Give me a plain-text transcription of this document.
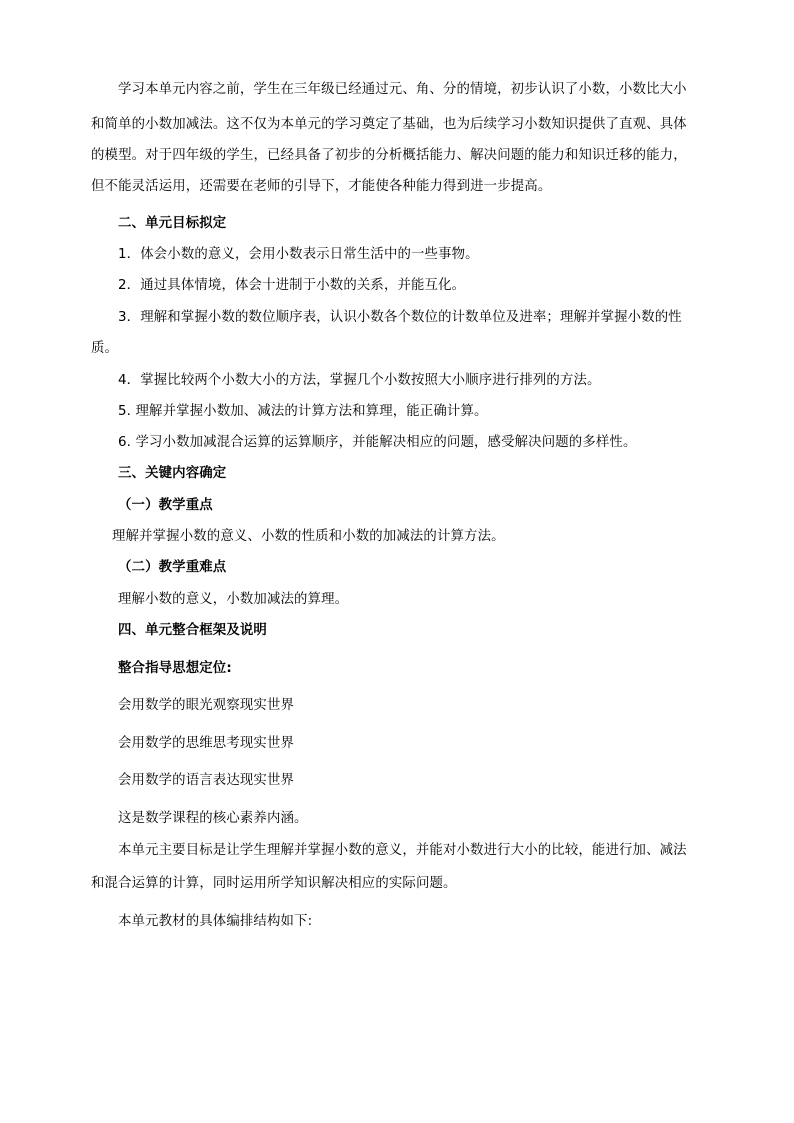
学习本单元内容之前，学生在三年级已经通过元、角、分的情境，初步认识了小数，小数比大小
和简单的小数加减法。这不仅为本单元的学习奠定了基础，也为后续学习小数知识提供了直观、具体
的模型。对于四年级的学生，已经具备了初步的分析概括能力、解决问题的能力和知识迁移的能力，
但不能灵活运用，还需要在老师的引导下，才能使各种能力得到进一步提高。
二、单元目标拟定
1．体会小数的意义，会用小数表示日常生活中的一些事物。
2．通过具体情境，体会十进制于小数的关系，并能互化。
3．理解和掌握小数的数位顺序表，认识小数各个数位的计数单位及进率；理解并掌握小数的性
质。
4．掌握比较两个小数大小的方法，掌握几个小数按照大小顺序进行排列的方法。
5. 理解并掌握小数加、减法的计算方法和算理，能正确计算。
6. 学习小数加减混合运算的运算顺序，并能解决相应的问题，感受解决问题的多样性。
三、关键内容确定
（一）教学重点
理解并掌握小数的意义、小数的性质和小数的加减法的计算方法。
（二）教学重难点
理解小数的意义，小数加减法的算理。
四、单元整合框架及说明
整合指导思想定位:
会用数学的眼光观察现实世界
会用数学的思维思考现实世界
会用数学的语言表达现实世界
这是数学课程的核心素养内涵。
本单元主要目标是让学生理解并掌握小数的意义，并能对小数进行大小的比较，能进行加、减法
和混合运算的计算，同时运用所学知识解决相应的实际问题。
本单元教材的具体编排结构如下:
